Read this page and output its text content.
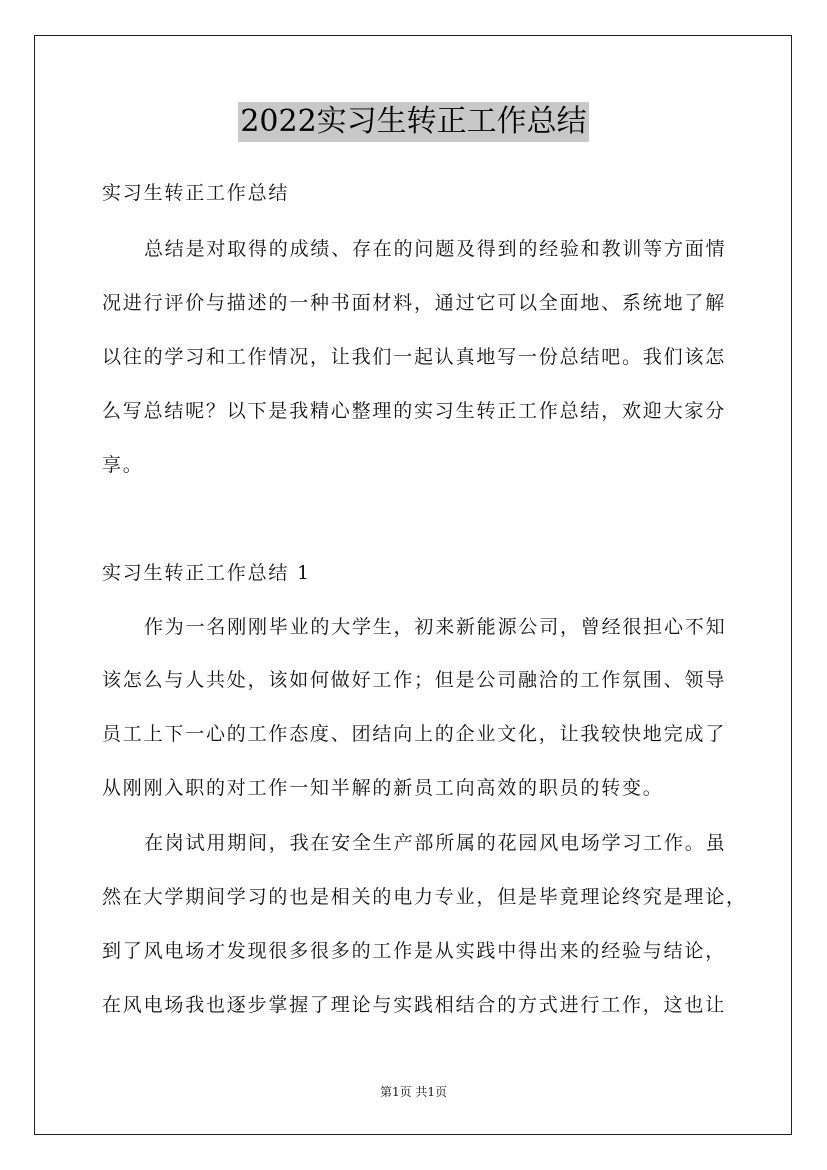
2022实习生转正工作总结
实习生转正工作总结
总结是对取得的成绩、存在的问题及得到的经验和教训等方面情
况进行评价与描述的一种书面材料，通过它可以全面地、系统地了解
以往的学习和工作情况，让我们一起认真地写一份总结吧。我们该怎
么写总结呢？以下是我精心整理的实习生转正工作总结，欢迎大家分
享。
实习生转正工作总结 1
作为一名刚刚毕业的大学生，初来新能源公司，曾经很担心不知
该怎么与人共处，该如何做好工作；但是公司融洽的工作氛围、领导
员工上下一心的工作态度、团结向上的企业文化，让我较快地完成了
从刚刚入职的对工作一知半解的新员工向高效的职员的转变。
在岗试用期间，我在安全生产部所属的花园风电场学习工作。虽
然在大学期间学习的也是相关的电力专业，但是毕竟理论终究是理论，
到了风电场才发现很多很多的工作是从实践中得出来的经验与结论，
在风电场我也逐步掌握了理论与实践相结合的方式进行工作，这也让
第1页 共1页
